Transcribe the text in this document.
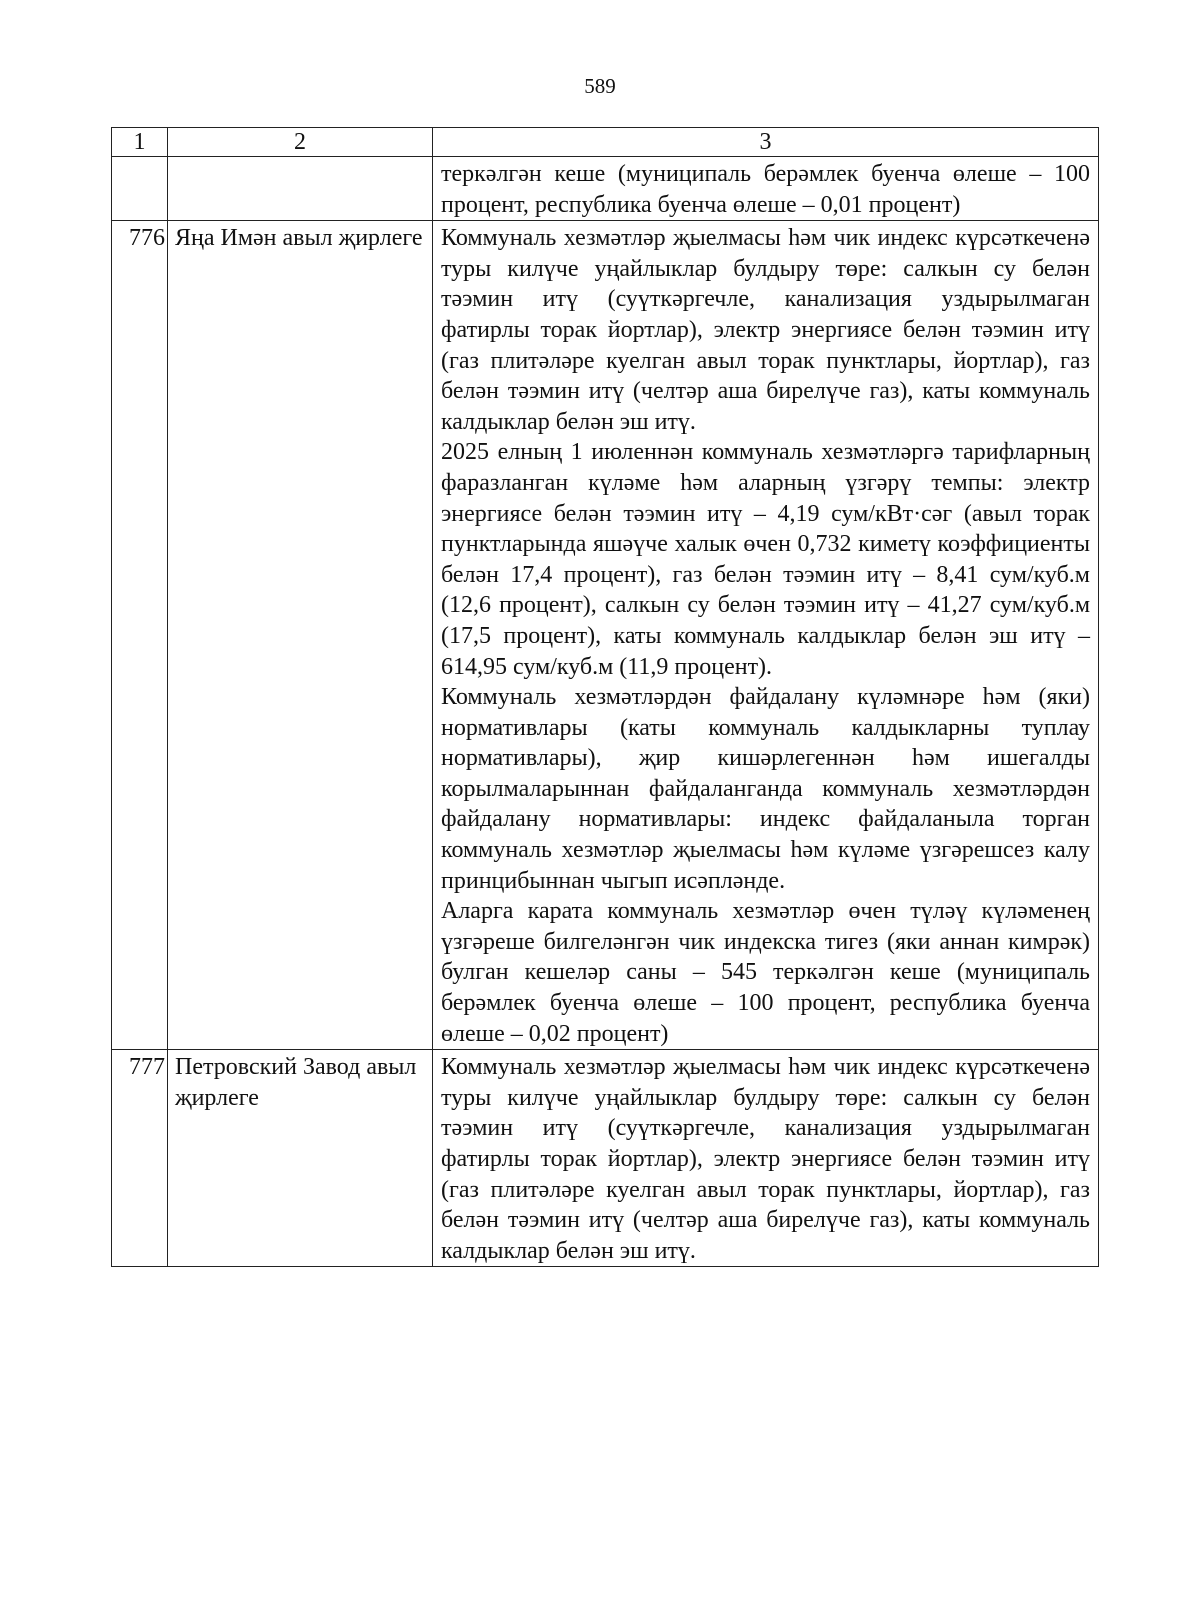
589
1	2	3

		теркәлгән кеше (муниципаль берәмлек буенча өлеше – 100 процент, республика буенча өлеше – 0,01 процент)

776	Яңа Имән авыл җирлеге	Коммуналь хезмәтләр җыелмасы һәм чик индекс күрсәткеченә туры килүче уңайлыклар булдыру төре: салкын су белән тәэмин итү (суүткәргечле, канализация уздырылмаган фатирлы торак йортлар), электр энергиясе белән тәэмин итү (газ плитәләре куелган авыл торак пунктлары, йортлар), газ белән тәэмин итү (челтәр аша бирелүче газ), каты коммуналь калдыклар белән эш итү.

2025 елның 1 июленнән коммуналь хезмәтләргә тарифларның фаразланган күләме һәм аларның үзгәрү темпы: электр энергиясе белән тәэмин итү – 4,19 сум/кВт·сәг (авыл торак пунктларында яшәүче халык өчен 0,732 киметү коэффициенты белән 17,4 процент), газ белән тәэмин итү – 8,41 сум/куб.м (12,6 процент), салкын су белән тәэмин итү – 41,27 сум/куб.м (17,5 процент), каты коммуналь калдыклар белән эш итү – 614,95 сум/куб.м (11,9 процент).

Коммуналь хезмәтләрдән файдалану күләмнәре һәм (яки) нормативлары (каты коммуналь калдыкларны туплау нормативлары), җир кишәрлегеннән һәм ишегалды корылмаларыннан файдаланганда коммуналь хезмәтләрдән файдалану нормативлары: индекс файдаланыла торган коммуналь хезмәтләр җыелмасы һәм күләме үзгәрешсез калу принцибыннан чыгып исәпләнде.

Аларга карата коммуналь хезмәтләр өчен түләү күләменең үзгәреше билгеләнгән чик индекска тигез (яки аннан кимрәк) булган кешеләр саны – 545 теркәлгән кеше (муниципаль берәмлек буенча өлеше – 100 процент, республика буенча өлеше – 0,02 процент)

777	Петровский Завод авыл җирлеге	Коммуналь хезмәтләр җыелмасы һәм чик индекс күрсәткеченә туры килүче уңайлыклар булдыру төре: салкын су белән тәэмин итү (суүткәргечле, канализация уздырылмаган фатирлы торак йортлар), электр энергиясе белән тәэмин итү (газ плитәләре куелган авыл торак пунктлары, йортлар), газ белән тәэмин итү (челтәр аша бирелүче газ), каты коммуналь калдыклар белән эш итү.
